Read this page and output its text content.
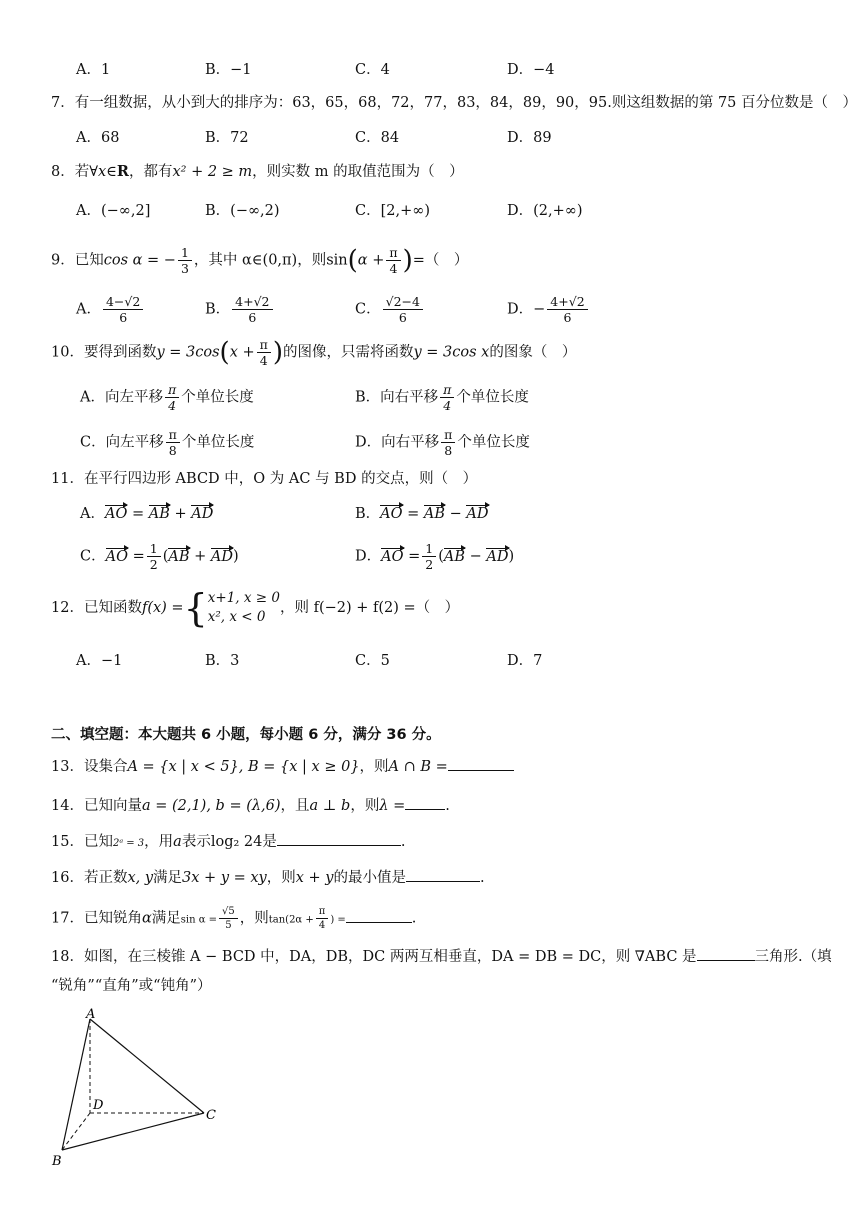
A．1	B．−1	C．4	D．−4
7．有一组数据，从小到大的排序为：63，65，68，72，77，83，84，89，90，95.则这组数据的第 75 百分位数是（　）
A．68	B．72	C．84	D．89
8．若∀x∈R，都有x² + 2 ≥ m，则实数 m 的取值范围为（　）
A．(−∞,2]	B．(−∞,2)	C．[2,+∞)	D．(2,+∞)
9．已知cos α = − $\frac{1}{3}$ ，其中 α∈(0,π)，则$\sin(\alpha + \frac{\pi}{4}$ )=（　）
A． $\frac{4-√2}{6}$	B． $\frac{4+√2}{6}$	C． $\frac{√2-4}{6}$	D．− $\frac{4+√2}{6}$
10．要得到函数$y = 3\cos(x + \frac{\pi}{4}$ )的图像，只需将函数y = 3cos x的图象（　）
A．向左平移 $\frac{\pi}{4}$ 个单位长度	B．向右平移 $\frac{\pi}{4}$ 个单位长度
C．向左平移 $\frac{\pi}{8}$ 个单位长度	D．向右平移 $\frac{\pi}{8}$ 个单位长度
11．在平行四边形 ABCD 中，O 为 AC 与 BD 的交点，则（　）
A．AO = AB + AD	B．AO = AB − AD
C．AO = $\frac{1}{2} (AB + AD)$	D．AO = $\frac{1}{2} (AB - AD)$
12．已知函数f(x) ={ x+1, x ≥ 0
x², x < 0
，则 f(−2) + f(2) =（　）
A．−1	B．3	C．5	D．7
二、填空题：本大题共 6 小题，每小题 6 分，满分 36 分。
13．设集合A = {x | x < 5}, B = {x | x ≥ 0}，则A ∩ B =
14．已知向量a = (2,1), b = (λ,6)，且a ⊥ b，则λ =	.
15．已知2ᵃ = 3，用a表示log₂ 24是	.
16．若正数x, y满足3x + y = xy，则x + y的最小值是	.
17．已知锐角α满足$\sin \alpha = \frac{√5}{5}$ ，则$\tan(2\alpha + \frac{\pi}{4}$ ) =	.
18．如图，在三棱锥 A − BCD 中，DA，DB，DC 两两互相垂直，DA = DB = DC，则 ∇ABC 是	三角形.（填
“锐角”“直角”或“钝角”）
A
B
C
D
